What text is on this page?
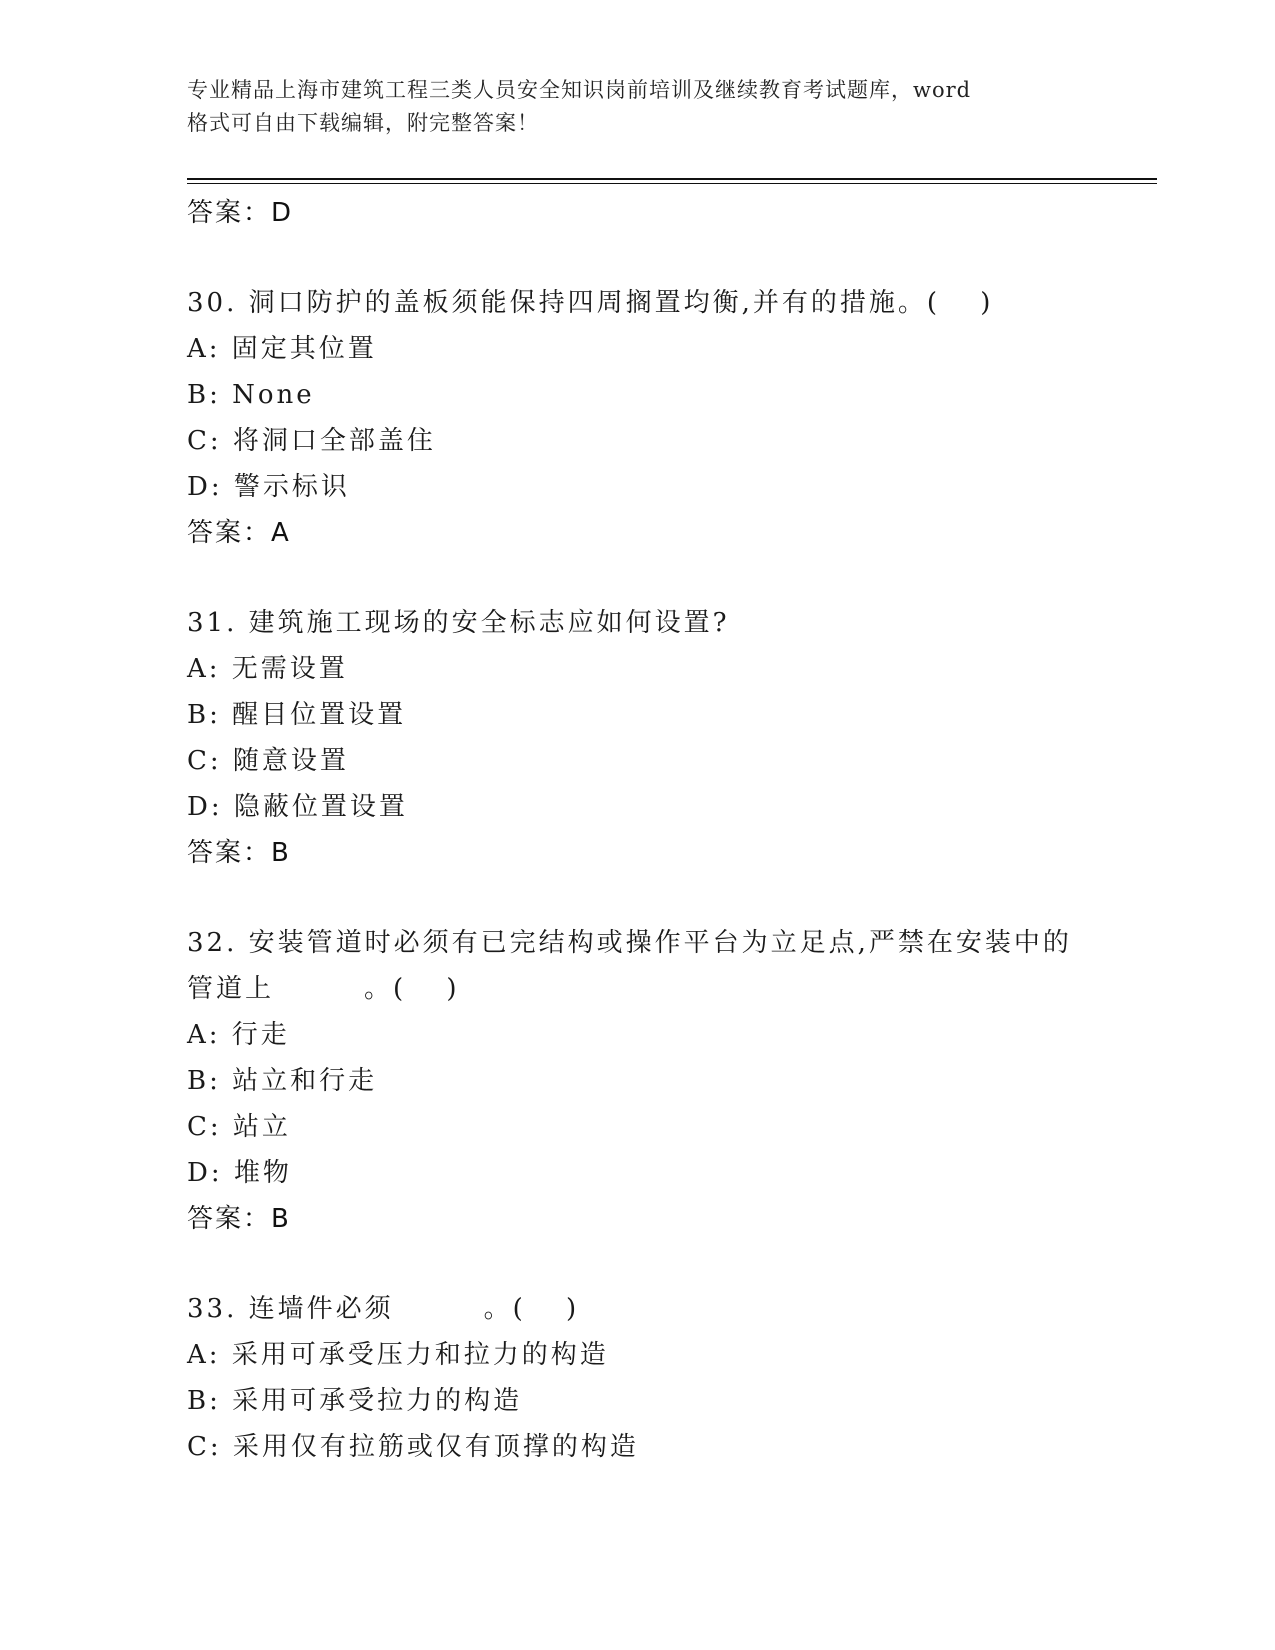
专业精品上海市建筑工程三类人员安全知识岗前培训及继续教育考试题库，word
格式可自由下载编辑，附完整答案！
答案：D
30. 洞口防护的盖板须能保持四周搁置均衡,并有的措施。(　 )
A: 固定其位置
B: None
C: 将洞口全部盖住
D: 警示标识
答案：A
31. 建筑施工现场的安全标志应如何设置?
A: 无需设置
B: 醒目位置设置
C: 随意设置
D: 隐蔽位置设置
答案：B
32. 安装管道时必须有已完结构或操作平台为立足点,严禁在安装中的
管道上	。(　 )
A: 行走
B: 站立和行走
C: 站立
D: 堆物
答案：B
33. 连墙件必须	。(　 )
A: 采用可承受压力和拉力的构造
B: 采用可承受拉力的构造
C: 采用仅有拉筋或仅有顶撑的构造
